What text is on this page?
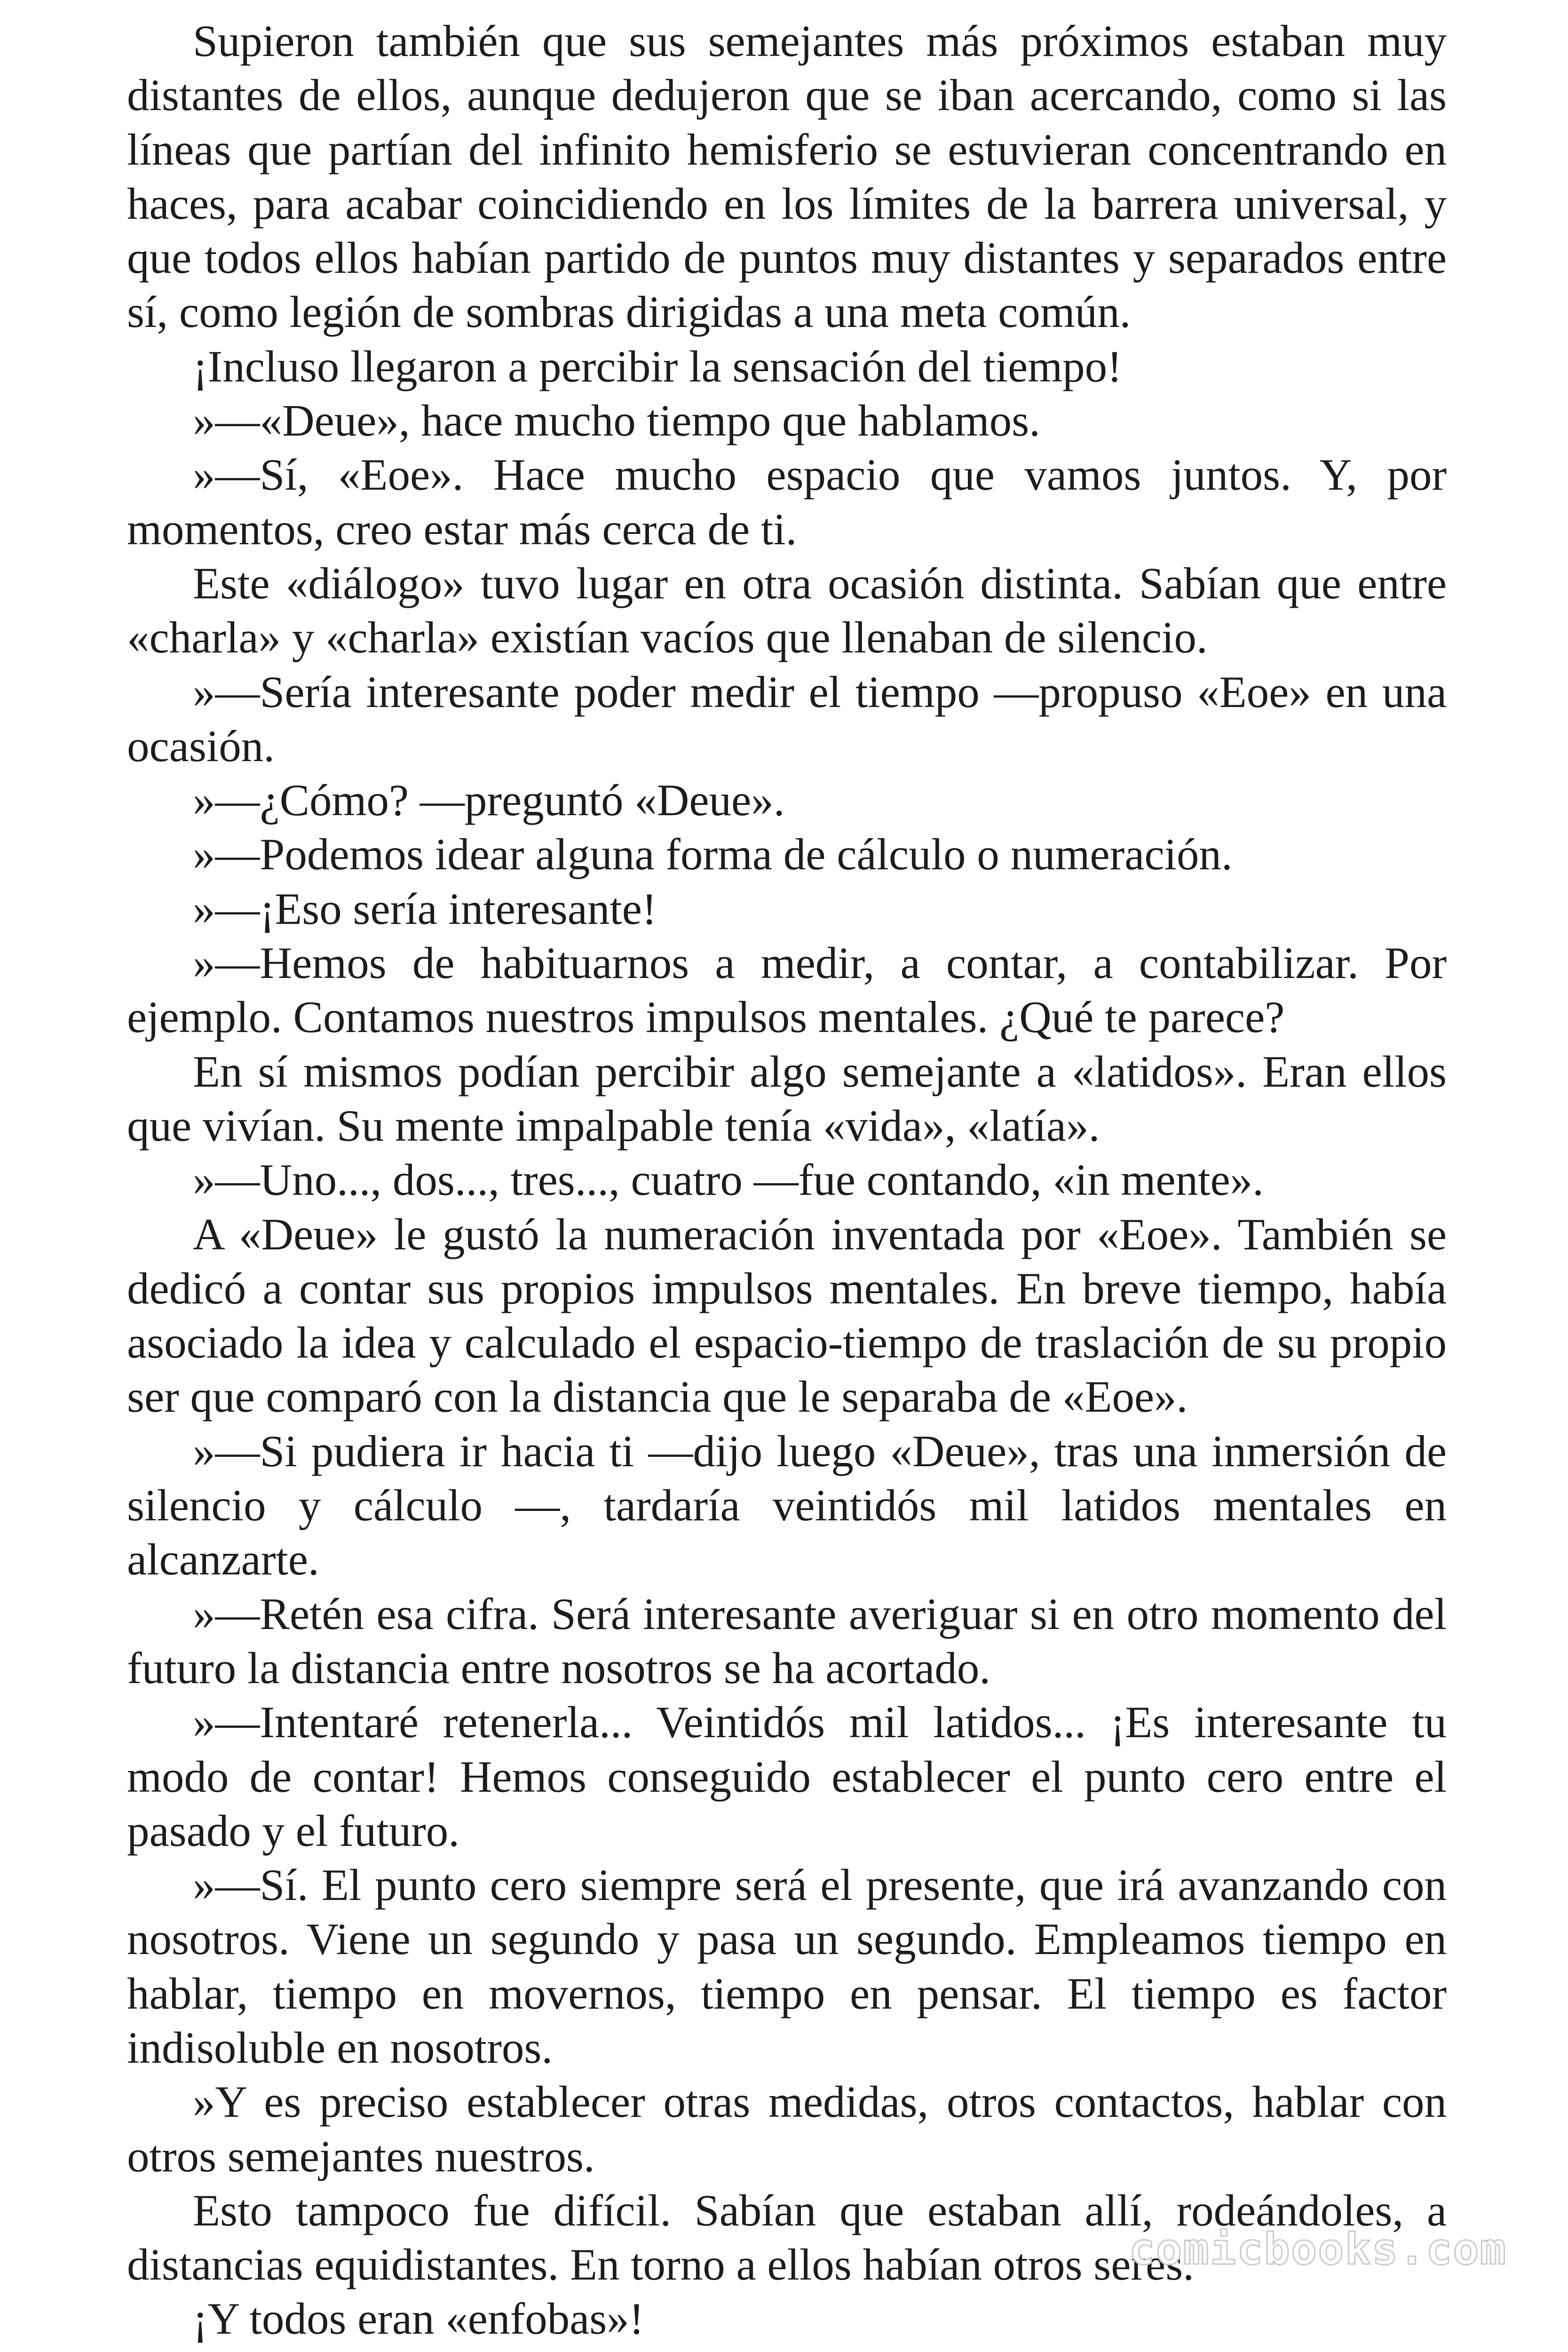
Supieron también que sus semejantes más próximos estaban muy distantes de ellos, aunque dedujeron que se iban acercando, como si las líneas que partían del infinito hemisferio se estuvieran concentrando en haces, para acabar coincidiendo en los límites de la barrera universal, y que todos ellos habían partido de puntos muy distantes y separados entre sí, como legión de sombras dirigidas a una meta común.

¡Incluso llegaron a percibir la sensación del tiempo!

»—«Deue», hace mucho tiempo que hablamos.

»—Sí, «Eoe». Hace mucho espacio que vamos juntos. Y, por momentos, creo estar más cerca de ti.

Este «diálogo» tuvo lugar en otra ocasión distinta. Sabían que entre «charla» y «charla» existían vacíos que llenaban de silencio.

»—Sería interesante poder medir el tiempo —propuso «Eoe» en una ocasión.

»—¿Cómo? —preguntó «Deue».

»—Podemos idear alguna forma de cálculo o numeración.

»—¡Eso sería interesante!

»—Hemos de habituarnos a medir, a contar, a contabilizar. Por ejemplo. Contamos nuestros impulsos mentales. ¿Qué te parece?

En sí mismos podían percibir algo semejante a «latidos». Eran ellos que vivían. Su mente impalpable tenía «vida», «latía».

»—Uno..., dos..., tres..., cuatro —fue contando, «in mente».

A «Deue» le gustó la numeración inventada por «Eoe». También se dedicó a contar sus propios impulsos mentales. En breve tiempo, había asociado la idea y calculado el espacio-tiempo de traslación de su propio ser que comparó con la distancia que le separaba de «Eoe».

»—Si pudiera ir hacia ti —dijo luego «Deue», tras una inmersión de silencio y cálculo —, tardaría veintidós mil latidos mentales en alcanzarte.

»—Retén esa cifra. Será interesante averiguar si en otro momento del futuro la distancia entre nosotros se ha acortado.

»—Intentaré retenerla... Veintidós mil latidos... ¡Es interesante tu modo de contar! Hemos conseguido establecer el punto cero entre el pasado y el futuro.

»—Sí. El punto cero siempre será el presente, que irá avanzando con nosotros. Viene un segundo y pasa un segundo. Empleamos tiempo en hablar, tiempo en movernos, tiempo en pensar. El tiempo es factor indisoluble en nosotros.

»Y es preciso establecer otras medidas, otros contactos, hablar con otros semejantes nuestros.

Esto tampoco fue difícil. Sabían que estaban allí, rodeándoles, a distancias equidistantes. En torno a ellos habían otros seres.

¡Y todos eran «enfobas»!

comicbooks.com
